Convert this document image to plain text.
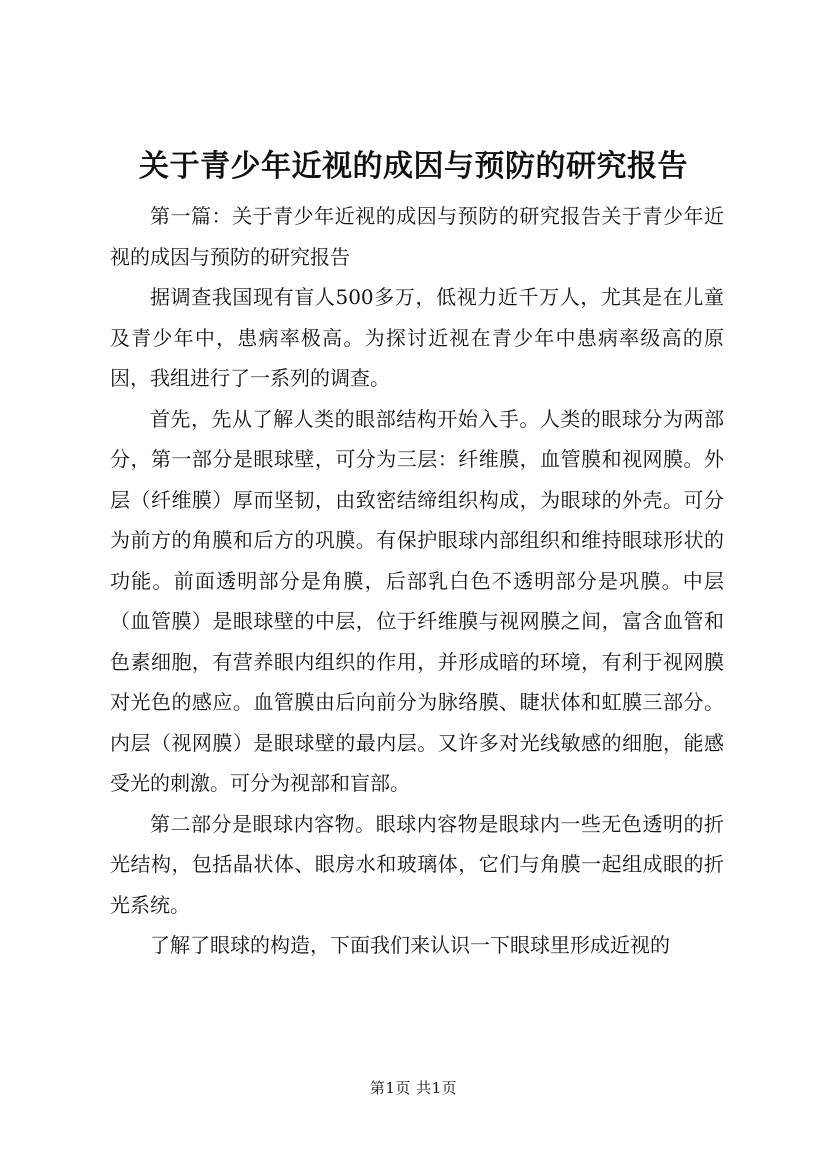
关于青少年近视的成因与预防的研究报告

第一篇：关于青少年近视的成因与预防的研究报告关于青少年近视的成因与预防的研究报告

据调查我国现有盲人500多万，低视力近千万人，尤其是在儿童及青少年中，患病率极高。为探讨近视在青少年中患病率级高的原因，我组进行了一系列的调查。

首先，先从了解人类的眼部结构开始入手。人类的眼球分为两部分，第一部分是眼球壁，可分为三层：纤维膜，血管膜和视网膜。外层（纤维膜）厚而坚韧，由致密结缔组织构成，为眼球的外壳。可分为前方的角膜和后方的巩膜。有保护眼球内部组织和维持眼球形状的功能。前面透明部分是角膜，后部乳白色不透明部分是巩膜。中层（血管膜）是眼球壁的中层，位于纤维膜与视网膜之间，富含血管和色素细胞，有营养眼内组织的作用，并形成暗的环境，有利于视网膜对光色的感应。血管膜由后向前分为脉络膜、睫状体和虹膜三部分。内层（视网膜）是眼球壁的最内层。又许多对光线敏感的细胞，能感受光的刺激。可分为视部和盲部。

第二部分是眼球内容物。眼球内容物是眼球内一些无色透明的折光结构，包括晶状体、眼房水和玻璃体，它们与角膜一起组成眼的折光系统。

了解了眼球的构造，下面我们来认识一下眼球里形成近视的

第1页 共1页
